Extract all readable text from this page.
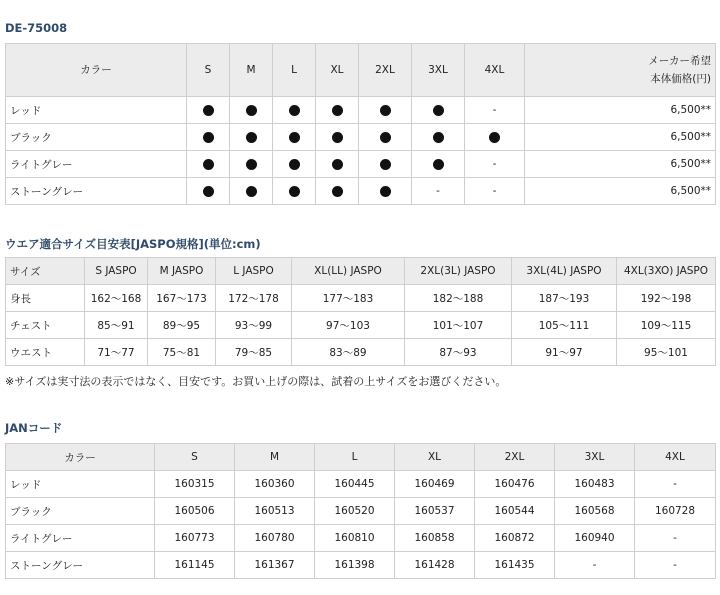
DE-75008
カラー	S	M	L	XL	2XL	3XL	4XL	メーカー希望
本体価格(円)

レッド							-	6,500**
ブラック								6,500**
ライトグレー							-	6,500**
ストーングレー						-	-	6,500**
ウエア適合サイズ目安表[JASPO規格](単位:cm)
サイズ	S JASPO	M JASPO	L JASPO	XL(LL) JASPO	2XL(3L) JASPO	3XL(4L) JASPO	4XL(3XO) JASPO
身長	162〜168	167〜173	172〜178	177〜183	182〜188	187〜193	192〜198
チェスト	85〜91	89〜95	93〜99	97〜103	101〜107	105〜111	109〜115
ウエスト	71〜77	75〜81	79〜85	83〜89	87〜93	91〜97	95〜101
※サイズは実寸法の表示ではなく、目安です。お買い上げの際は、試着の上サイズをお選びください。
JANコード
カラー	S	M	L	XL	2XL	3XL	4XL
レッド	160315	160360	160445	160469	160476	160483	-
ブラック	160506	160513	160520	160537	160544	160568	160728
ライトグレー	160773	160780	160810	160858	160872	160940	-
ストーングレー	161145	161367	161398	161428	161435	-	-
